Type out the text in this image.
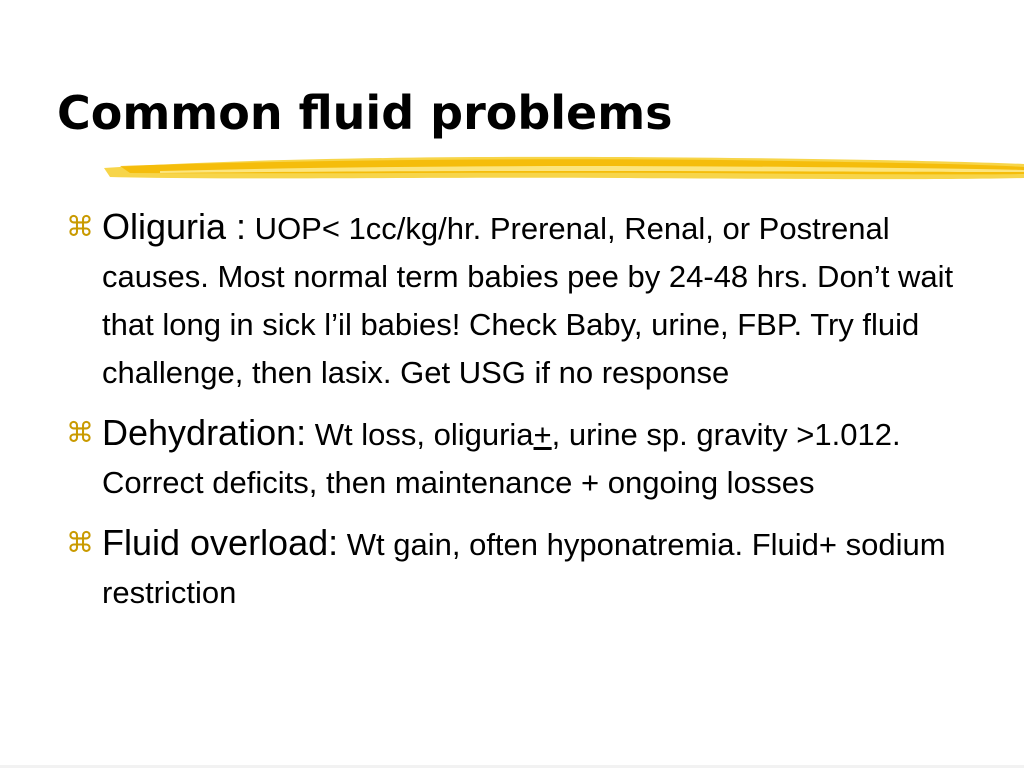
Common fluid problems
⌘ Oliguria : UOP< 1cc/kg/hr. Prerenal, Renal, or Postrenal causes. Most normal term babies pee by 24-48 hrs. Don’t wait that long in sick l’il babies! Check Baby, urine, FBP. Try fluid challenge, then lasix. Get USG if no response
⌘ Dehydration: Wt loss, oliguria+, urine sp. gravity >1.012. Correct deficits, then maintenance + ongoing losses
⌘ Fluid overload: Wt gain, often hyponatremia. Fluid+ sodium restriction
